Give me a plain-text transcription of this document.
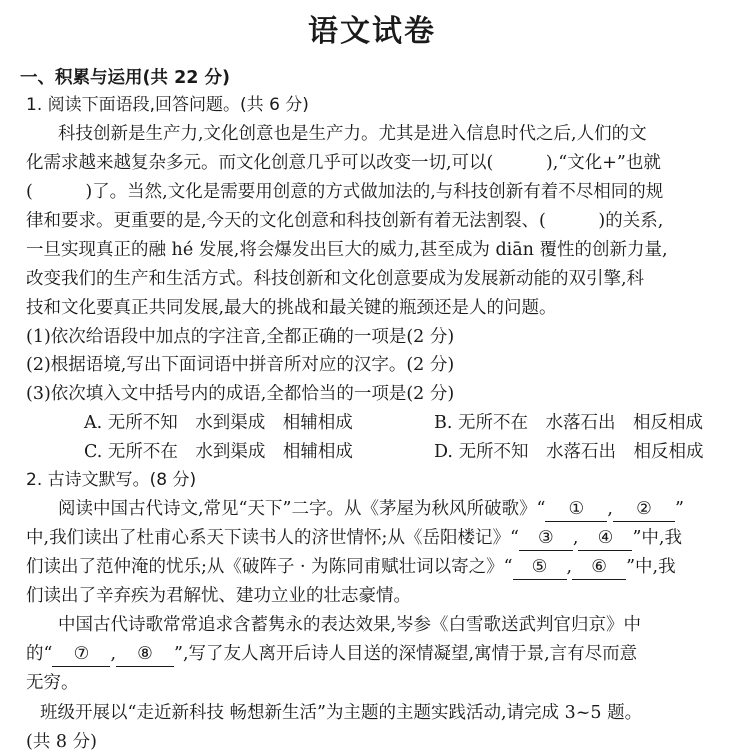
语文试卷
一、积累与运用(共 22 分)
1. 阅读下面语段,回答问题。(共 6 分)
科技创新是生产力,文化创意也是生产力。尤其是进入信息时代之后,人们的文
化需求越来越复杂多元。而文化创意几乎可以改变一切,可以(　　　),“文化+”也就
(　　　)了。当然,文化是需要用创意的方式做加法的,与科技创新有着不尽相同的规
律和要求。更重要的是,今天的文化创意和科技创新有着无法割裂、(　　　)的关系,
一旦实现真正的融 hé 发展,将会爆发出巨大的威力,甚至成为 diān 覆性的创新力量,
改变我们的生产和生活方式。科技创新和文化创意要成为发展新动能的双引擎,科
技和文化要真正共同发展,最大的挑战和最关键的瓶颈还是人的问题。
(1)依次给语段中加点的字注音,全都正确的一项是(2 分)
(2)根据语境,写出下面词语中拼音所对应的汉字。(2 分)
(3)依次填入文中括号内的成语,全都恰当的一项是(2 分)
A. 无所不知　水到渠成　相辅相成	B. 无所不在　水落石出　相反相成
C. 无所不在　水到渠成　相辅相成	D. 无所不知　水落石出　相反相成
2. 古诗文默写。(8 分)
阅读中国古代诗文,常见“天下”二字。从《茅屋为秋风所破歌》“ ① , ② ”
中,我们读出了杜甫心系天下读书人的济世情怀;从《岳阳楼记》“ ③ , ④ ”中,我
们读出了范仲淹的忧乐;从《破阵子 · 为陈同甫赋壮词以寄之》“ ⑤ , ⑥ ”中,我
们读出了辛弃疾为君解忧、建功立业的壮志豪情。
中国古代诗歌常常追求含蓄隽永的表达效果,岑参《白雪歌送武判官归京》中
的“ ⑦ , ⑧ ”,写了友人离开后诗人目送的深情凝望,寓情于景,言有尽而意
无穷。
班级开展以“走近新科技 畅想新生活”为主题的主题实践活动,请完成 3~5 题。
(共 8 分)
